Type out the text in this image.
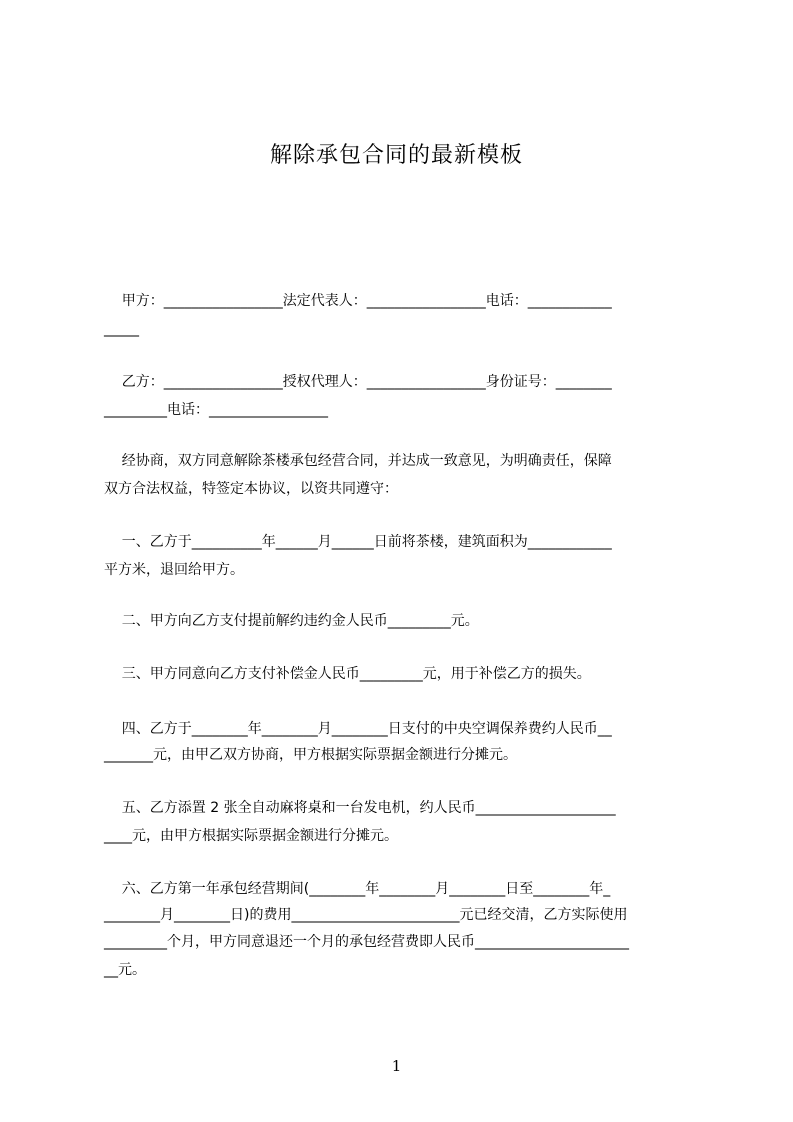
解除承包合同的最新模板
甲方：_________________法定代表人：_________________电话：____________
_____
乙方：_________________授权代理人：_________________身份证号：________
_________电话：_________________
经协商，双方同意解除茶楼承包经营合同，并达成一致意见，为明确责任，保障
双方合法权益，特签定本协议，以资共同遵守：
一、乙方于__________年______月______日前将茶楼，建筑面积为____________
平方米，退回给甲方。
二、甲方向乙方支付提前解约违约金人民币_________元。
三、甲方同意向乙方支付补偿金人民币_________元，用于补偿乙方的损失。
四、乙方于________年________月________日支付的中央空调保养费约人民币__
_______元，由甲乙双方协商，甲方根据实际票据金额进行分摊元。
五、乙方添置 2 张全自动麻将桌和一台发电机，约人民币____________________
____元，由甲方根据实际票据金额进行分摊元。
六、乙方第一年承包经营期间(________年________月________日至________年_
________月________日)的费用________________________元已经交清，乙方实际使用
_________个月，甲方同意退还一个月的承包经营费即人民币______________________
__元。
1
